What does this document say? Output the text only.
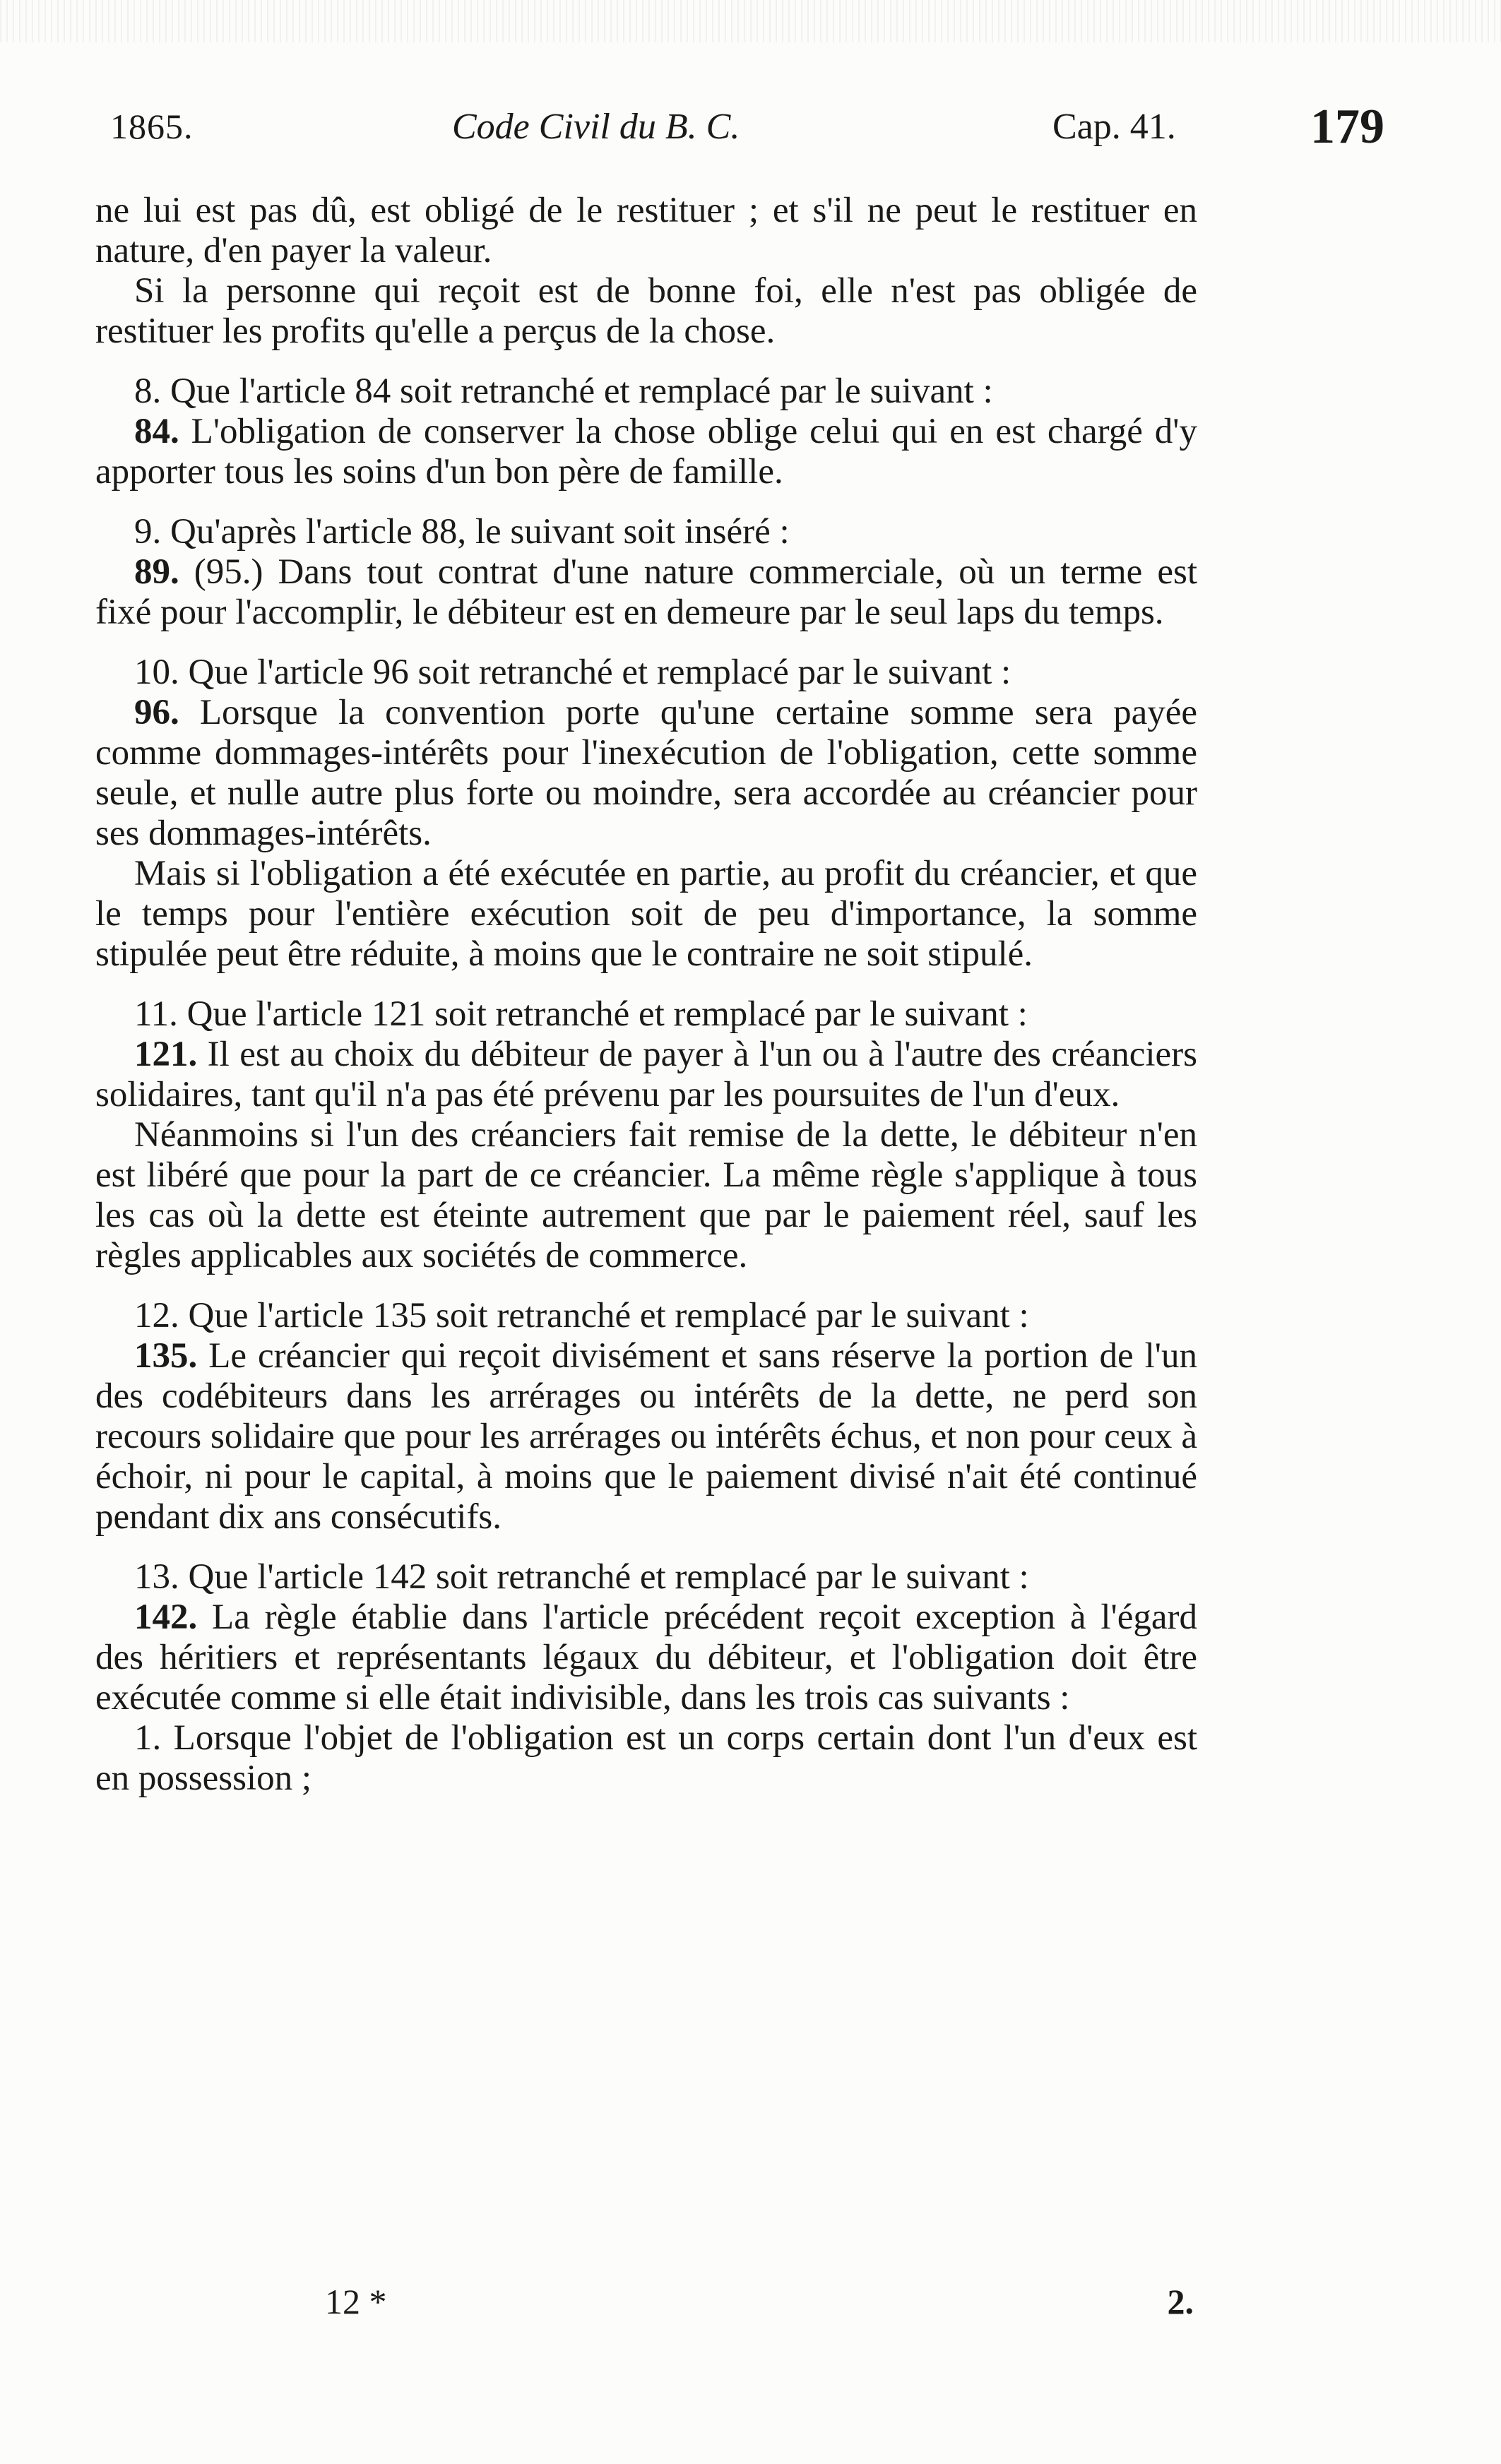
1865.	Code Civil du B. C.	Cap. 41.	179

ne lui est pas dû, est obligé de le restituer ; et s'il ne peut le restituer en nature, d'en payer la valeur.

Si la personne qui reçoit est de bonne foi, elle n'est pas obligée de restituer les profits qu'elle a perçus de la chose.

8. Que l'article 84 soit retranché et remplacé par le suivant :

84. L'obligation de conserver la chose oblige celui qui en est chargé d'y apporter tous les soins d'un bon père de famille.

9. Qu'après l'article 88, le suivant soit inséré :

89. (95.) Dans tout contrat d'une nature commerciale, où un terme est fixé pour l'accomplir, le débiteur est en demeure par le seul laps du temps.

10. Que l'article 96 soit retranché et remplacé par le suivant :

96. Lorsque la convention porte qu'une certaine somme sera payée comme dommages-intérêts pour l'inexécution de l'obligation, cette somme seule, et nulle autre plus forte ou moindre, sera accordée au créancier pour ses dommages-intérêts.

Mais si l'obligation a été exécutée en partie, au profit du créancier, et que le temps pour l'entière exécution soit de peu d'importance, la somme stipulée peut être réduite, à moins que le contraire ne soit stipulé.

11. Que l'article 121 soit retranché et remplacé par le suivant :

121. Il est au choix du débiteur de payer à l'un ou à l'autre des créanciers solidaires, tant qu'il n'a pas été prévenu par les poursuites de l'un d'eux.

Néanmoins si l'un des créanciers fait remise de la dette, le débiteur n'en est libéré que pour la part de ce créancier. La même règle s'applique à tous les cas où la dette est éteinte autrement que par le paiement réel, sauf les règles applicables aux sociétés de commerce.

12. Que l'article 135 soit retranché et remplacé par le suivant :

135. Le créancier qui reçoit divisément et sans réserve la portion de l'un des codébiteurs dans les arrérages ou intérêts de la dette, ne perd son recours solidaire que pour les arrérages ou intérêts échus, et non pour ceux à échoir, ni pour le capital, à moins que le paiement divisé n'ait été continué pendant dix ans consécutifs.

13. Que l'article 142 soit retranché et remplacé par le suivant :

142. La règle établie dans l'article précédent reçoit exception à l'égard des héritiers et représentants légaux du débiteur, et l'obligation doit être exécutée comme si elle était indivisible, dans les trois cas suivants :

1. Lorsque l'objet de l'obligation est un corps certain dont l'un d'eux est en possession ;

12 *	2.
